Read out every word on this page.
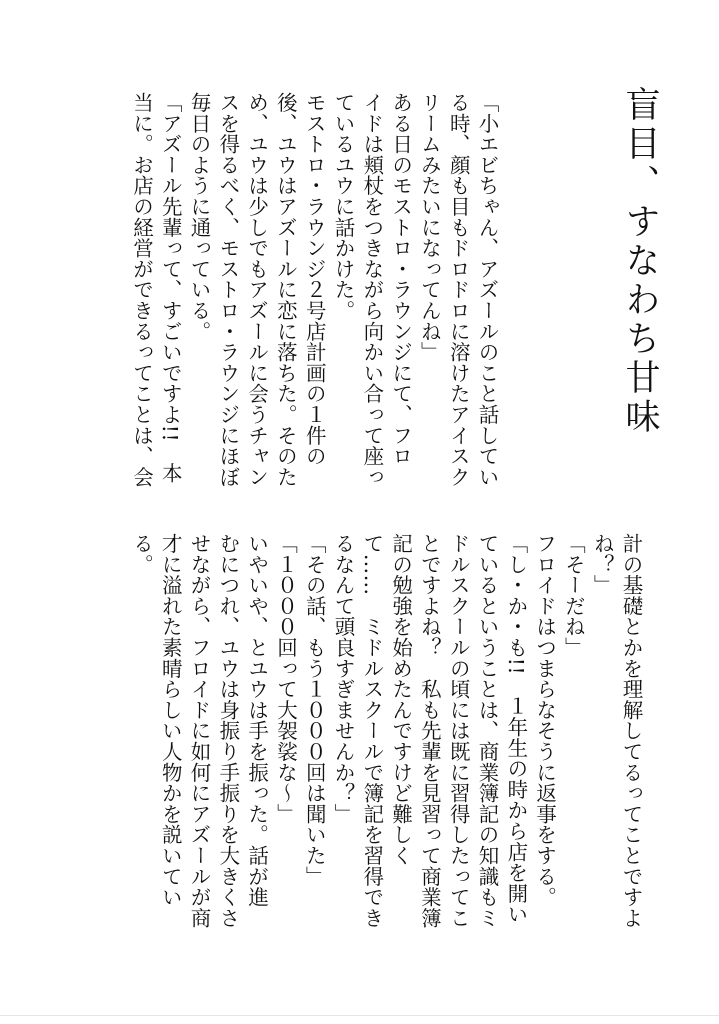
盲目、すなわち甘味

「小エビちゃん、アズールのこと話してい

る時、顔も目もドロドロに溶けたアイスク

リームみたいになってんね」

ある日のモストロ・ラウンジにて、フロ

イドは頬杖をつきながら向かい合って座っ

ているユウに話かけた。

モストロ・ラウンジ２号店計画の１件の

後、ユウはアズールに恋に落ちた。そのた

め、ユウは少しでもアズールに会うチャン

スを得るべく、モストロ・ラウンジにほぼ

毎日のように通っている。

「アズール先輩って、すごいですよ!!　本

当に。お店の経営ができるってことは、会

計の基礎とかを理解してるってことですよ

ね？」

「そーだね」

フロイドはつまらなそうに返事をする。

「し・か・も!!　１年生の時から店を開い

ているということは、商業簿記の知識もミ

ドルスクールの頃には既に習得したってこ

とですよね？　私も先輩を見習って商業簿

記の勉強を始めたんですけど難しく

て……　ミドルスクールで簿記を習得でき

るなんて頭良すぎませんか？」

「その話、もう１０００回は聞いた」

「１０００回って大袈裟な～」

いやいや、とユウは手を振った。話が進

むにつれ、ユウは身振り手振りを大きくさ

せながら、フロイドに如何にアズールが商

才に溢れた素晴らしい人物かを説いてい

る。
